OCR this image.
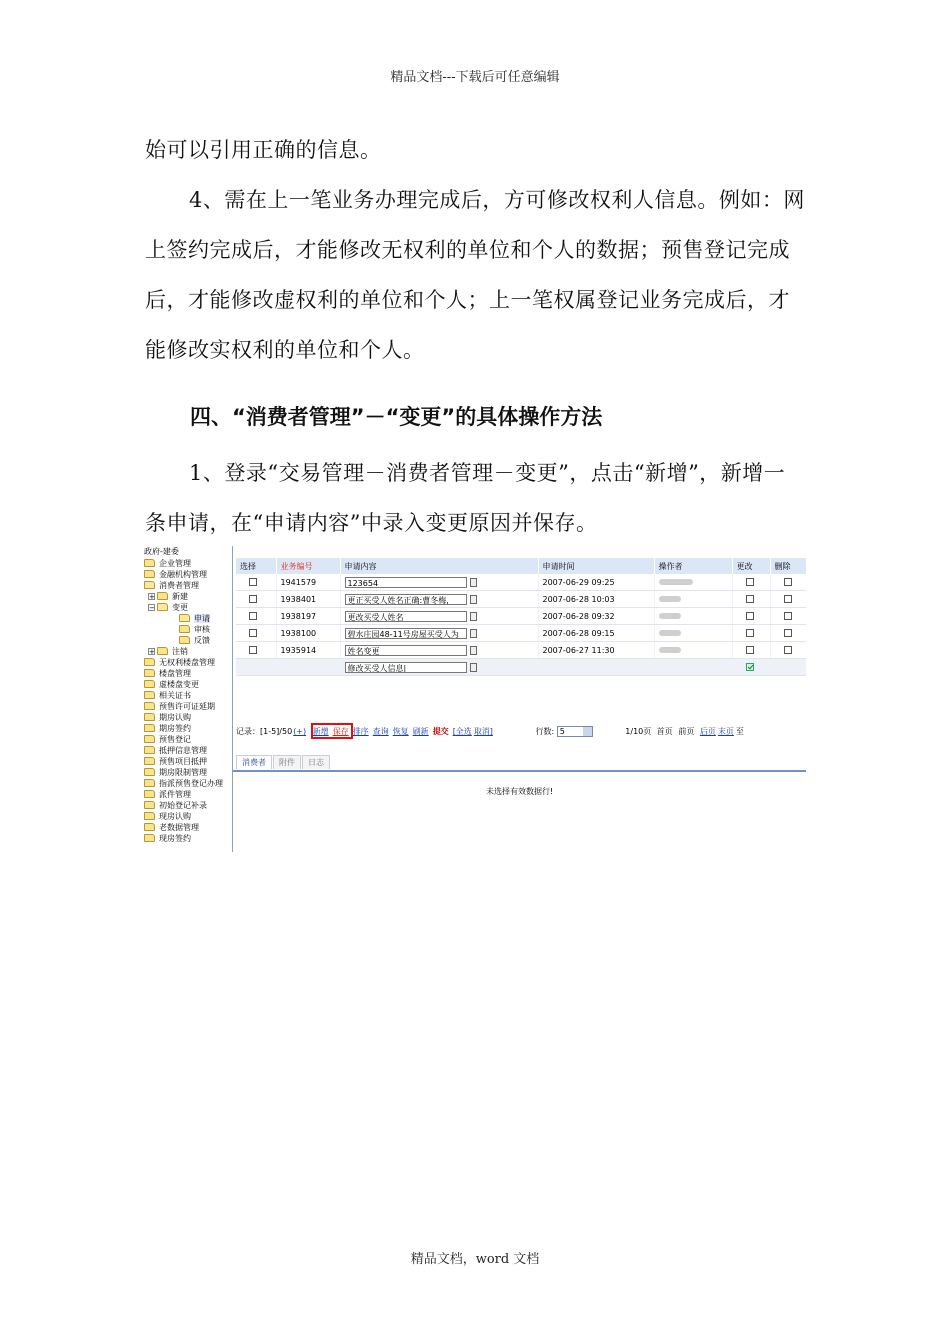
精品文档---下载后可任意编辑

始可以引用正确的信息。

4、需在上一笔业务办理完成后，方可修改权利人信息。例如：网上签约完成后，才能修改无权利的单位和个人的数据；预售登记完成后，才能修改虚权利的单位和个人；上一笔权属登记业务完成后，才能修改实权利的单位和个人。

四、“消费者管理”－“变更”的具体操作方法

1、登录“交易管理－消费者管理－变更”，点击“新增”，新增一条申请，在“申请内容”中录入变更原因并保存。

政府-建委
企业管理
金融机构管理
消费者管理
+ 新建
− 变更
申请
审核
反馈
+ 注销
无权利楼盘管理
楼盘管理
虚楼盘变更
相关证书
预售许可证延期
期房认购
期房签约
预售登记
抵押信息管理
预售项目抵押
期房限制管理
指派预售登记办理
派件管理
初始登记补录
现房认购
老数据管理
现房签约
选择	业务编号	申请内容	申请时间	操作者	更改	删除
	1941579	123654	2007-06-29 09:25			
	1938401	更正买受人姓名正确:曹冬梅,	2007-06-28 10:03			
	1938197	更改买受人姓名	2007-06-28 09:32			
	1938100	碧水庄园48-11号房屋买受人为	2007-06-28 09:15			
	1935914	姓名变更	2007-06-27 11:30			
		修改买受人信息|				
记录：[1-5]/50(+) 新增 保存 排序 查询 恢复 刷新 提交 [全选 取消]	行数: 5	1/10页 首页 前页 后页 末页 至
消费者 附件 日志
未选择有效数据行!
精品文档，word 文档
